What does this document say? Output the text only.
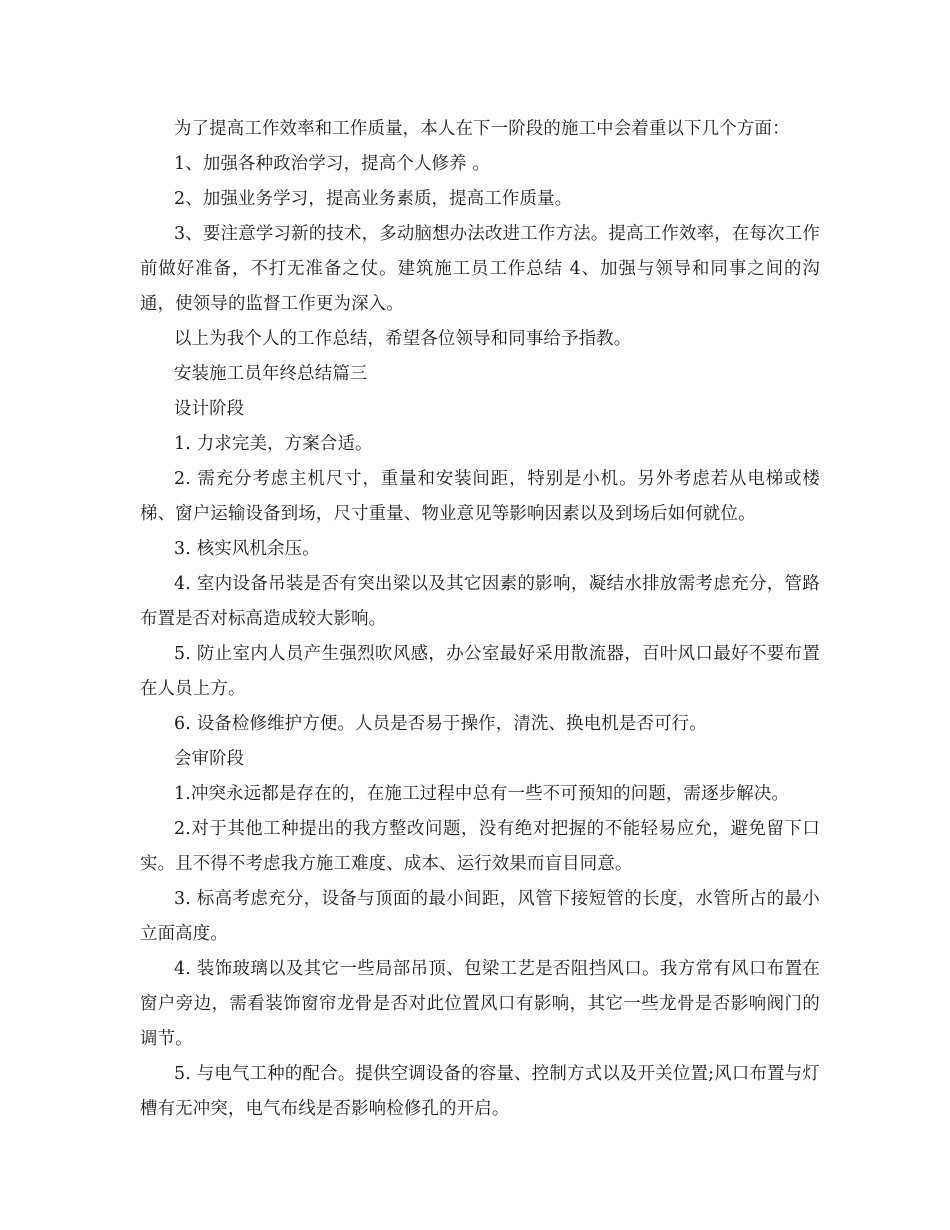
为了提高工作效率和工作质量，本人在下一阶段的施工中会着重以下几个方面：

1、加强各种政治学习，提高个人修养 。

2、加强业务学习，提高业务素质，提高工作质量。

3、要注意学习新的技术，多动脑想办法改进工作方法。提高工作效率，在每次工作前做好准备，不打无准备之仗。建筑施工员工作总结 4、加强与领导和同事之间的沟通，使领导的监督工作更为深入。

以上为我个人的工作总结，希望各位领导和同事给予指教。

安装施工员年终总结篇三

设计阶段

1. 力求完美，方案合适。

2. 需充分考虑主机尺寸，重量和安装间距，特别是小机。另外考虑若从电梯或楼梯、窗户运输设备到场，尺寸重量、物业意见等影响因素以及到场后如何就位。

3. 核实风机余压。

4. 室内设备吊装是否有突出梁以及其它因素的影响，凝结水排放需考虑充分，管路布置是否对标高造成较大影响。

5. 防止室内人员产生强烈吹风感，办公室最好采用散流器，百叶风口最好不要布置在人员上方。

6. 设备检修维护方便。人员是否易于操作，清洗、换电机是否可行。

会审阶段

1.冲突永远都是存在的，在施工过程中总有一些不可预知的问题，需逐步解决。

2.对于其他工种提出的我方整改问题，没有绝对把握的不能轻易应允，避免留下口实。且不得不考虑我方施工难度、成本、运行效果而盲目同意。

3. 标高考虑充分，设备与顶面的最小间距，风管下接短管的长度，水管所占的最小立面高度。

4. 装饰玻璃以及其它一些局部吊顶、包梁工艺是否阻挡风口。我方常有风口布置在窗户旁边，需看装饰窗帘龙骨是否对此位置风口有影响，其它一些龙骨是否影响阀门的调节。

5. 与电气工种的配合。提供空调设备的容量、控制方式以及开关位置;风口布置与灯槽有无冲突，电气布线是否影响检修孔的开启。
